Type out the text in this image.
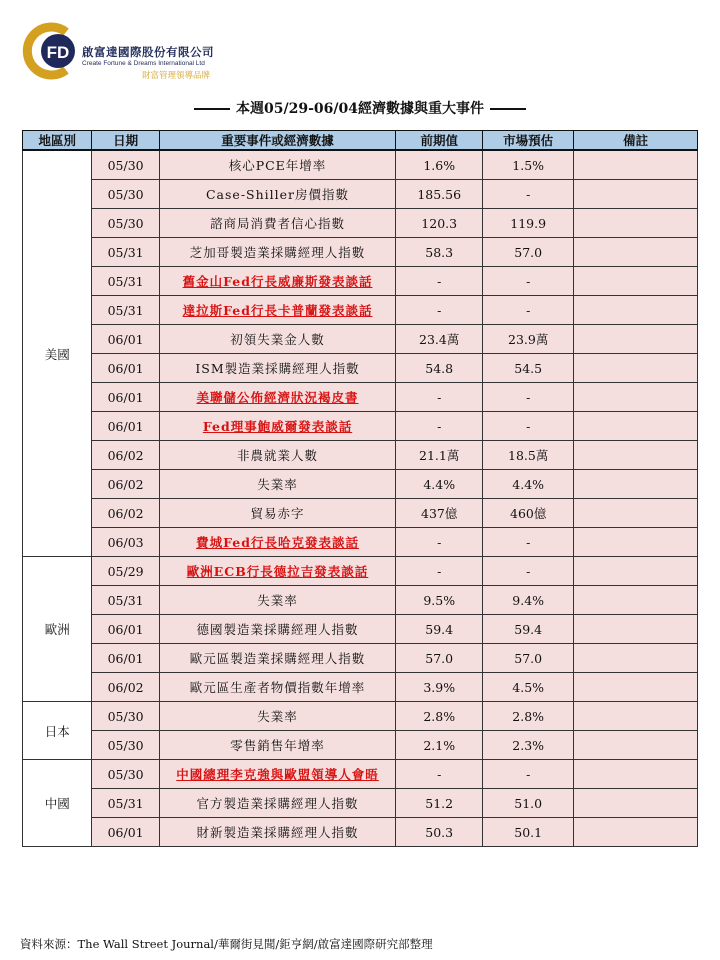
FD 啟富達國際股份有限公司
Create Fortune & Dreams International Ltd
財富管理領導品牌
本週05/29-06/04經濟數據與重大事件
地區別	日期	重要事件或經濟數據	前期值	市場預估	備註
美國	05/30	核心PCE年增率	1.6%	1.5%	
	05/30	Case-Shiller房價指數	185.56	-	
	05/30	諮商局消費者信心指數	120.3	119.9	
	05/31	芝加哥製造業採購經理人指數	58.3	57.0	
	05/31	舊金山Fed行長威廉斯發表談話	-	-	
	05/31	達拉斯Fed行長卡普蘭發表談話	-	-	
	06/01	初領失業金人數	23.4萬	23.9萬	
	06/01	ISM製造業採購經理人指數	54.8	54.5	
	06/01	美聯儲公佈經濟狀況褐皮書	-	-	
	06/01	Fed理事鮑威爾發表談話	-	-	
	06/02	非農就業人數	21.1萬	18.5萬	
	06/02	失業率	4.4%	4.4%	
	06/02	貿易赤字	437億	460億	
	06/03	費城Fed行長哈克發表談話	-	-	
歐洲	05/29	歐洲ECB行長德拉吉發表談話	-	-	
	05/31	失業率	9.5%	9.4%	
	06/01	德國製造業採購經理人指數	59.4	59.4	
	06/01	歐元區製造業採購經理人指數	57.0	57.0	
	06/02	歐元區生產者物價指數年增率	3.9%	4.5%	
日本	05/30	失業率	2.8%	2.8%	
	05/30	零售銷售年增率	2.1%	2.3%	
中國	05/30	中國總理李克強與歐盟領導人會晤	-	-	
	05/31	官方製造業採購經理人指數	51.2	51.0	
	06/01	財新製造業採購經理人指數	50.3	50.1	
資料來源：The Wall Street Journal/華爾街見聞/鉅亨網/啟富達國際研究部整理
